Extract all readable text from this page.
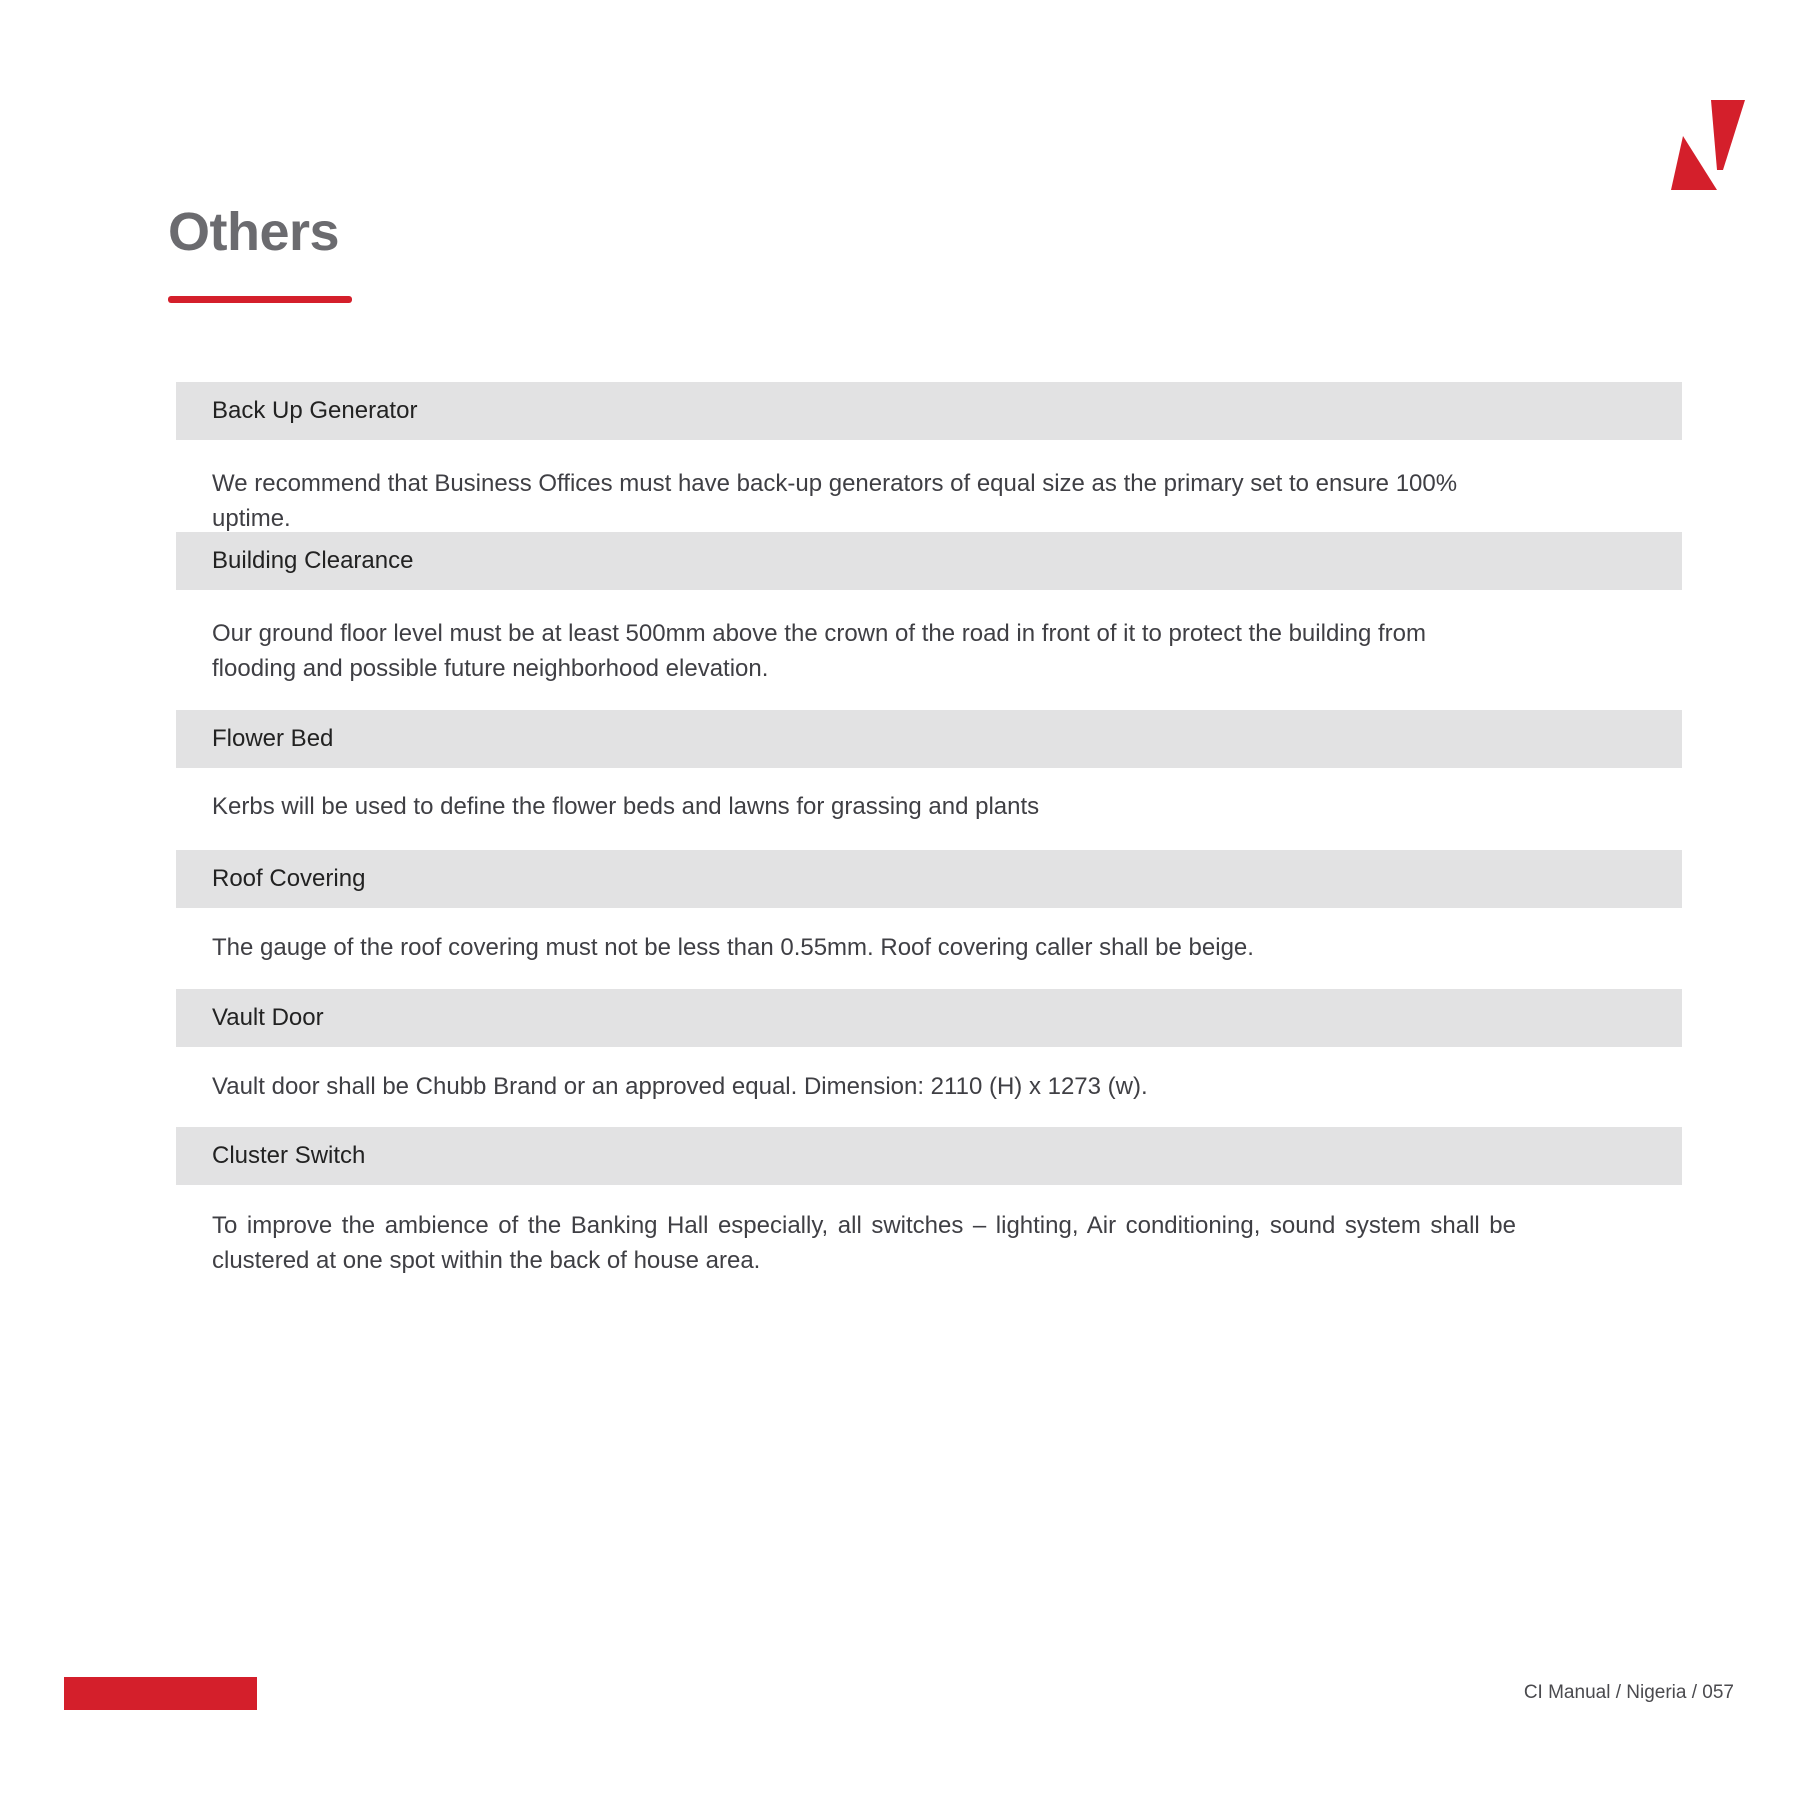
Others
Back Up Generator

We recommend that Business Offices must have back-up generators of equal size as the primary set to ensure 100% uptime.

Building Clearance

Our ground floor level must be at least 500mm above the crown of the road in front of it to protect the building from flooding and possible future neighborhood elevation.

Flower Bed

Kerbs will be used to define the flower beds and lawns for grassing and plants

Roof Covering

The gauge of the roof covering must not be less than 0.55mm. Roof covering caller shall be beige.

Vault Door

Vault door shall be Chubb Brand or an approved equal. Dimension: 2110 (H) x 1273 (w).

Cluster Switch

To improve the ambience of the Banking Hall especially, all switches – lighting, Air conditioning, sound system shall be clustered at one spot within the back of house area.

CI Manual / Nigeria / 057
